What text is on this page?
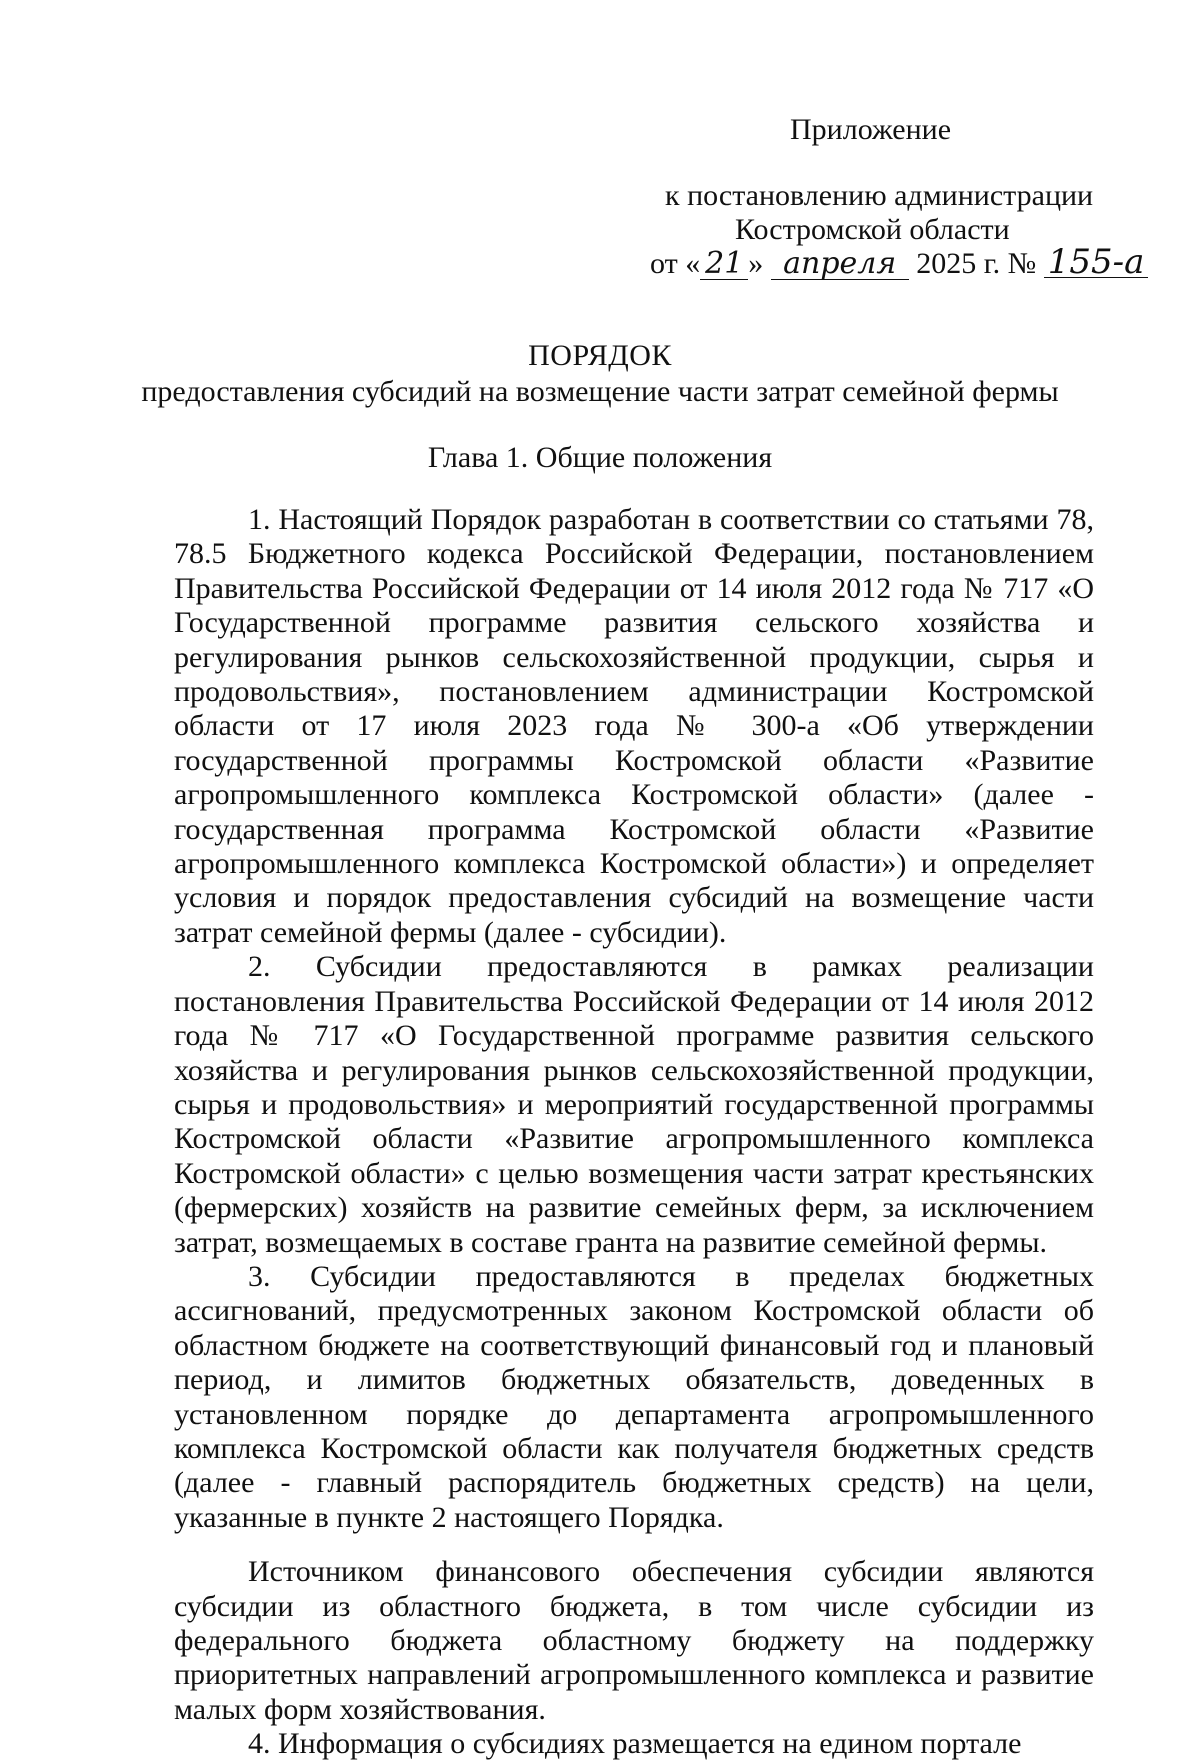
Приложение
к постановлению администрации
Костромской области
от « 21 » апреля 2025 г. № 155-а
ПОРЯДОК
предоставления субсидий на возмещение части затрат семейной фермы
Глава 1. Общие положения

1. Настоящий Порядок разработан в соответствии со статьями 78, 78.5 Бюджетного кодекса Российской Федерации, постановлением Правительства Российской Федерации от 14 июля 2012 года № 717 «О Государственной программе развития сельского хозяйства и регулирования рынков сельскохозяйственной продукции, сырья и продовольствия», постановлением администрации Костромской области от 17 июля 2023 года № 300-а «Об утверждении государственной программы Костромской области «Развитие агропромышленного комплекса Костромской области» (далее - государственная программа Костромской области «Развитие агропромышленного комплекса Костромской области») и определяет условия и порядок предоставления субсидий на возмещение части затрат семейной фермы (далее - субсидии).

2. Субсидии предоставляются в рамках реализации постановления Правительства Российской Федерации от 14 июля 2012 года № 717 «О Государственной программе развития сельского хозяйства и регулирования рынков сельскохозяйственной продукции, сырья и продовольствия» и мероприятий государственной программы Костромской области «Развитие агропромышленного комплекса Костромской области» с целью возмещения части затрат крестьянских (фермерских) хозяйств на развитие семейных ферм, за исключением затрат, возмещаемых в составе гранта на развитие семейной фермы.

3. Субсидии предоставляются в пределах бюджетных ассигнований, предусмотренных законом Костромской области об областном бюджете на соответствующий финансовый год и плановый период, и лимитов бюджетных обязательств, доведенных в установленном порядке до департамента агропромышленного комплекса Костромской области как получателя бюджетных средств (далее - главный распорядитель бюджетных средств) на цели, указанные в пункте 2 настоящего Порядка.

Источником финансового обеспечения субсидии являются субсидии из областного бюджета, в том числе субсидии из федерального бюджета областному бюджету на поддержку приоритетных направлений агропромышленного комплекса и развитие малых форм хозяйствования.

4. Информация о субсидиях размещается на едином портале
